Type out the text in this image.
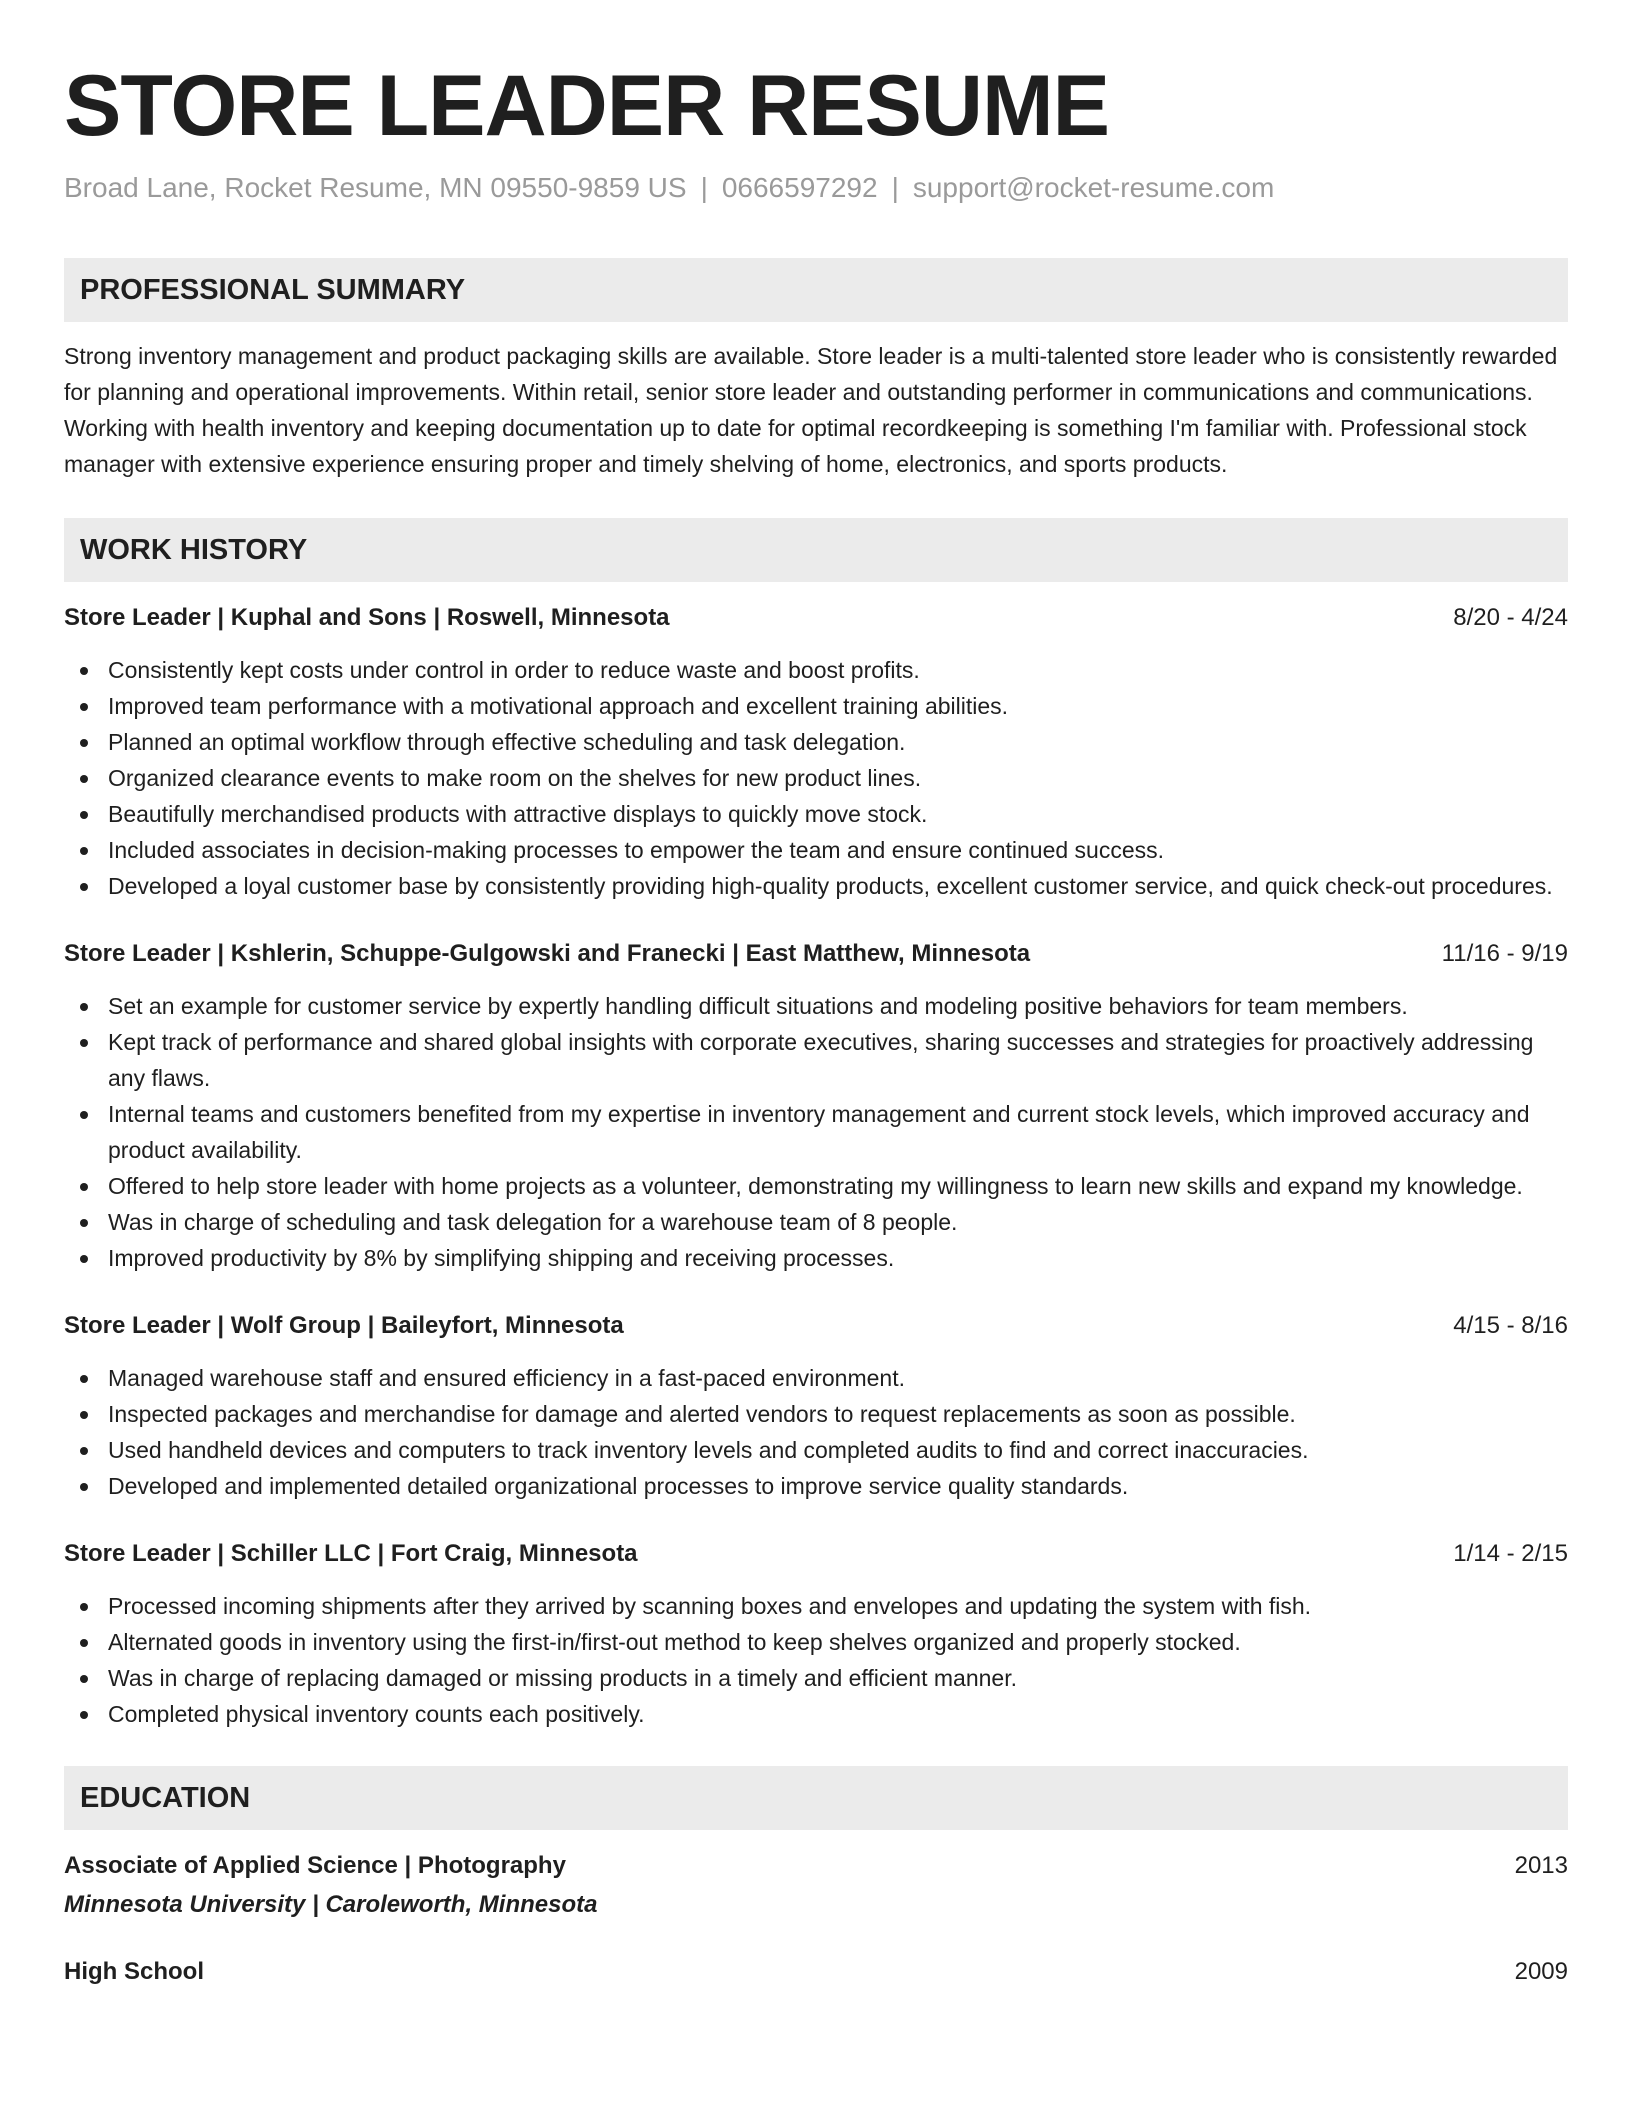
STORE LEADER RESUME
Broad Lane, Rocket Resume, MN 09550-9859 US | 0666597292 | support@rocket-resume.com
PROFESSIONAL SUMMARY

Strong inventory management and product packaging skills are available. Store leader is a multi-talented store leader who is consistently rewarded for planning and operational improvements. Within retail, senior store leader and outstanding performer in communications and communications. Working with health inventory and keeping documentation up to date for optimal recordkeeping is something I'm familiar with. Professional stock manager with extensive experience ensuring proper and timely shelving of home, electronics, and sports products.

WORK HISTORY
Store Leader | Kuphal and Sons | Roswell, Minnesota	8/20 - 4/24
Consistently kept costs under control in order to reduce waste and boost profits.
Improved team performance with a motivational approach and excellent training abilities.
Planned an optimal workflow through effective scheduling and task delegation.
Organized clearance events to make room on the shelves for new product lines.
Beautifully merchandised products with attractive displays to quickly move stock.
Included associates in decision-making processes to empower the team and ensure continued success.
Developed a loyal customer base by consistently providing high-quality products, excellent customer service, and quick check-out procedures.
Store Leader | Kshlerin, Schuppe-Gulgowski and Franecki | East Matthew, Minnesota	11/16 - 9/19
Set an example for customer service by expertly handling difficult situations and modeling positive behaviors for team members.
Kept track of performance and shared global insights with corporate executives, sharing successes and strategies for proactively addressing any flaws.
Internal teams and customers benefited from my expertise in inventory management and current stock levels, which improved accuracy and product availability.
Offered to help store leader with home projects as a volunteer, demonstrating my willingness to learn new skills and expand my knowledge.
Was in charge of scheduling and task delegation for a warehouse team of 8 people.
Improved productivity by 8% by simplifying shipping and receiving processes.
Store Leader | Wolf Group | Baileyfort, Minnesota	4/15 - 8/16
Managed warehouse staff and ensured efficiency in a fast-paced environment.
Inspected packages and merchandise for damage and alerted vendors to request replacements as soon as possible.
Used handheld devices and computers to track inventory levels and completed audits to find and correct inaccuracies.
Developed and implemented detailed organizational processes to improve service quality standards.
Store Leader | Schiller LLC | Fort Craig, Minnesota	1/14 - 2/15
Processed incoming shipments after they arrived by scanning boxes and envelopes and updating the system with fish.
Alternated goods in inventory using the first-in/first-out method to keep shelves organized and properly stocked.
Was in charge of replacing damaged or missing products in a timely and efficient manner.
Completed physical inventory counts each positively.
EDUCATION
Associate of Applied Science | Photography	2013
Minnesota University | Caroleworth, Minnesota
High School	2009
